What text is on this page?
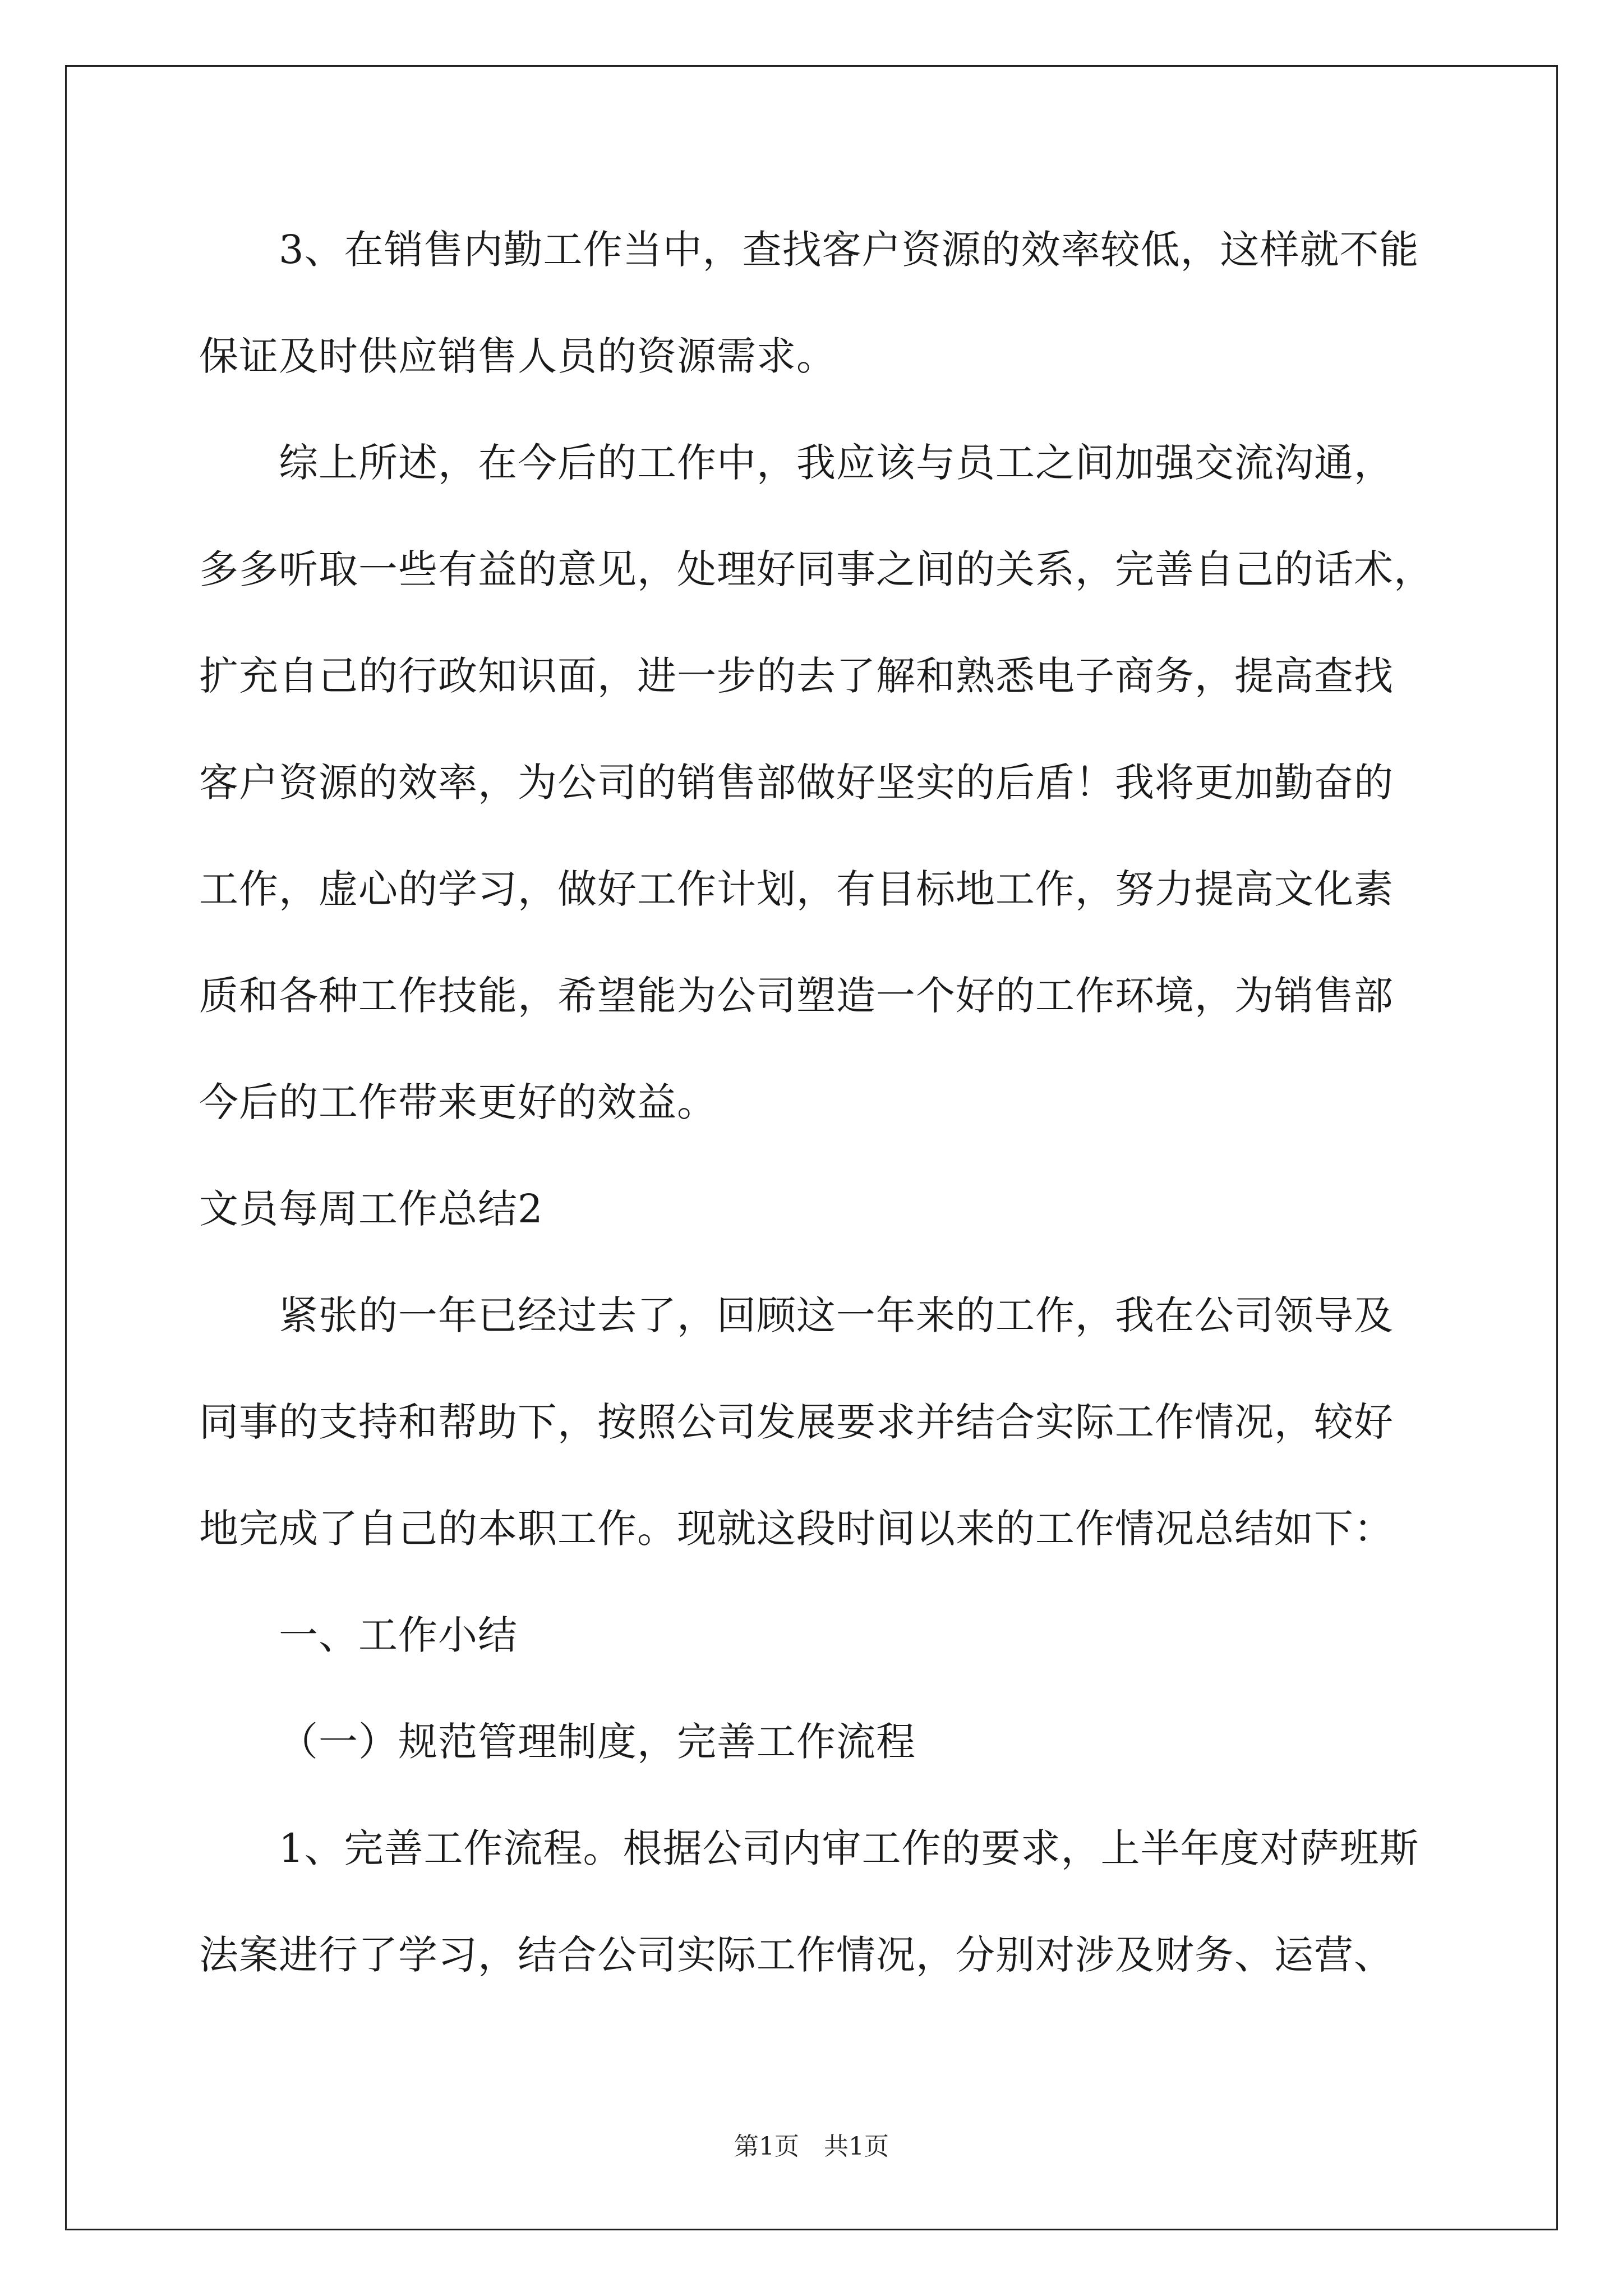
3、在销售内勤工作当中，查找客户资源的效率较低，这样就不能
保证及时供应销售人员的资源需求。
综上所述，在今后的工作中，我应该与员工之间加强交流沟通，
多多听取一些有益的意见，处理好同事之间的关系，完善自己的话术，
扩充自己的行政知识面，进一步的去了解和熟悉电子商务，提高查找
客户资源的效率，为公司的销售部做好坚实的后盾！我将更加勤奋的
工作，虚心的学习，做好工作计划，有目标地工作，努力提高文化素
质和各种工作技能，希望能为公司塑造一个好的工作环境，为销售部
今后的工作带来更好的效益。
文员每周工作总结2
紧张的一年已经过去了，回顾这一年来的工作，我在公司领导及
同事的支持和帮助下，按照公司发展要求并结合实际工作情况，较好
地完成了自己的本职工作。现就这段时间以来的工作情况总结如下：
一、工作小结
（一）规范管理制度，完善工作流程
1、完善工作流程。根据公司内审工作的要求，上半年度对萨班斯
法案进行了学习，结合公司实际工作情况，分别对涉及财务、运营、
第1页　共1页
